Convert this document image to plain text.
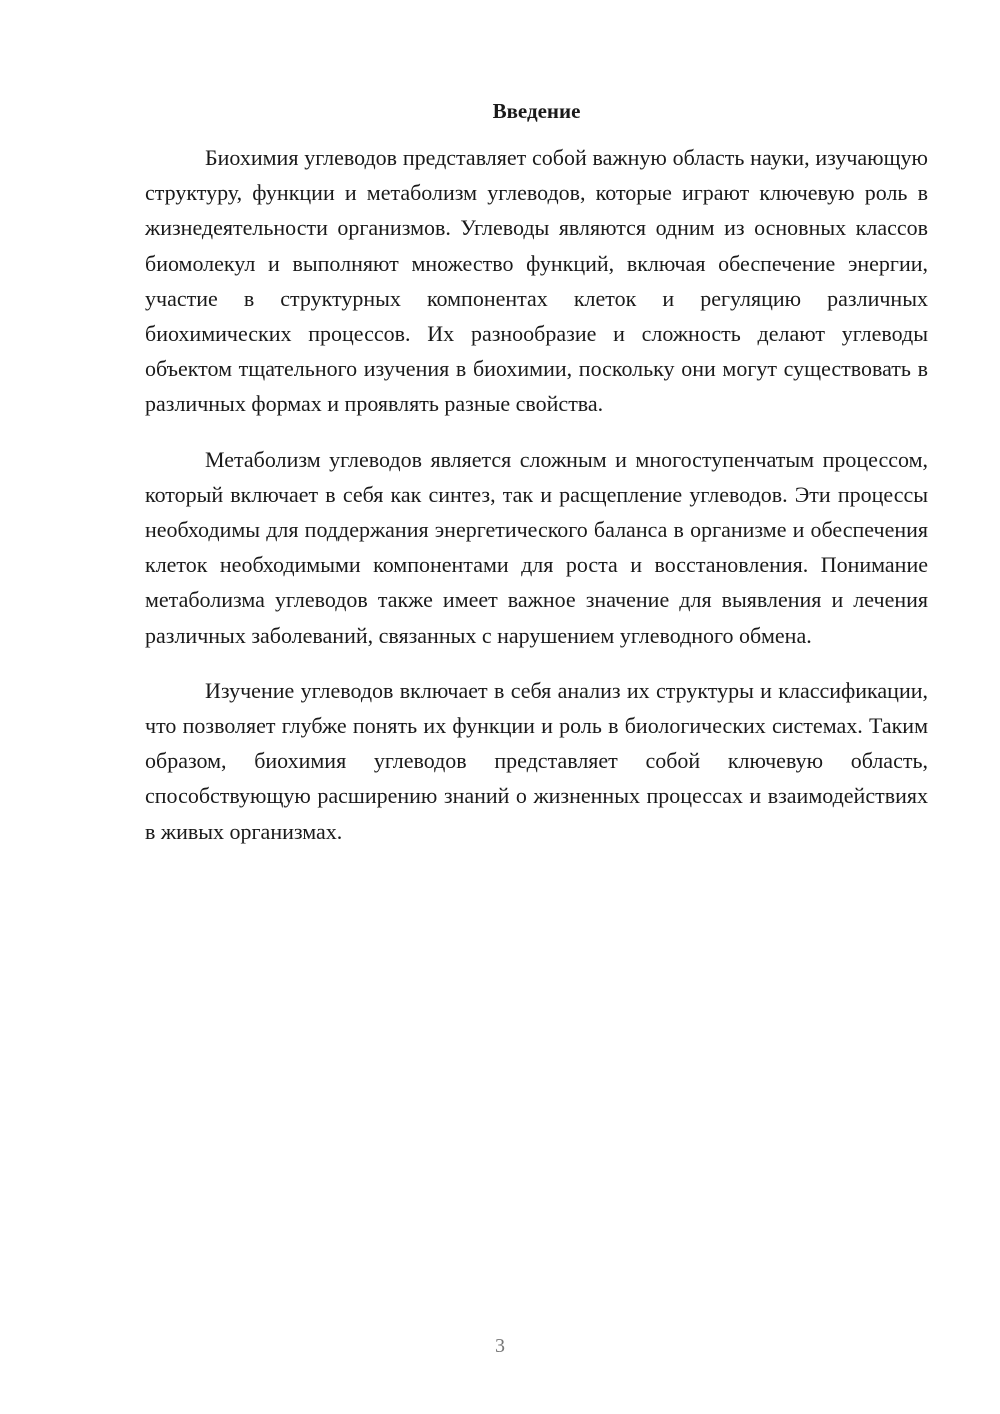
Введение

Биохимия углеводов представляет собой важную область науки, изучающую структуру, функции и метаболизм углеводов, которые играют ключевую роль в жизнедеятельности организмов. Углеводы являются одним из основных классов биомолекул и выполняют множество функций, включая обеспечение энергии, участие в структурных компонентах клеток и регуляцию различных биохимических процессов. Их разнообразие и сложность делают углеводы объектом тщательного изучения в биохимии, поскольку они могут существовать в различных формах и проявлять разные свойства.

Метаболизм углеводов является сложным и многоступенчатым процессом, который включает в себя как синтез, так и расщепление углеводов. Эти процессы необходимы для поддержания энергетического баланса в организме и обеспечения клеток необходимыми компонентами для роста и восстановления. Понимание метаболизма углеводов также имеет важное значение для выявления и лечения различных заболеваний, связанных с нарушением углеводного обмена.

Изучение углеводов включает в себя анализ их структуры и классификации, что позволяет глубже понять их функции и роль в биологических системах. Таким образом, биохимия углеводов представляет собой ключевую область, способствующую расширению знаний о жизненных процессах и взаимодействиях в живых организмах.

3
